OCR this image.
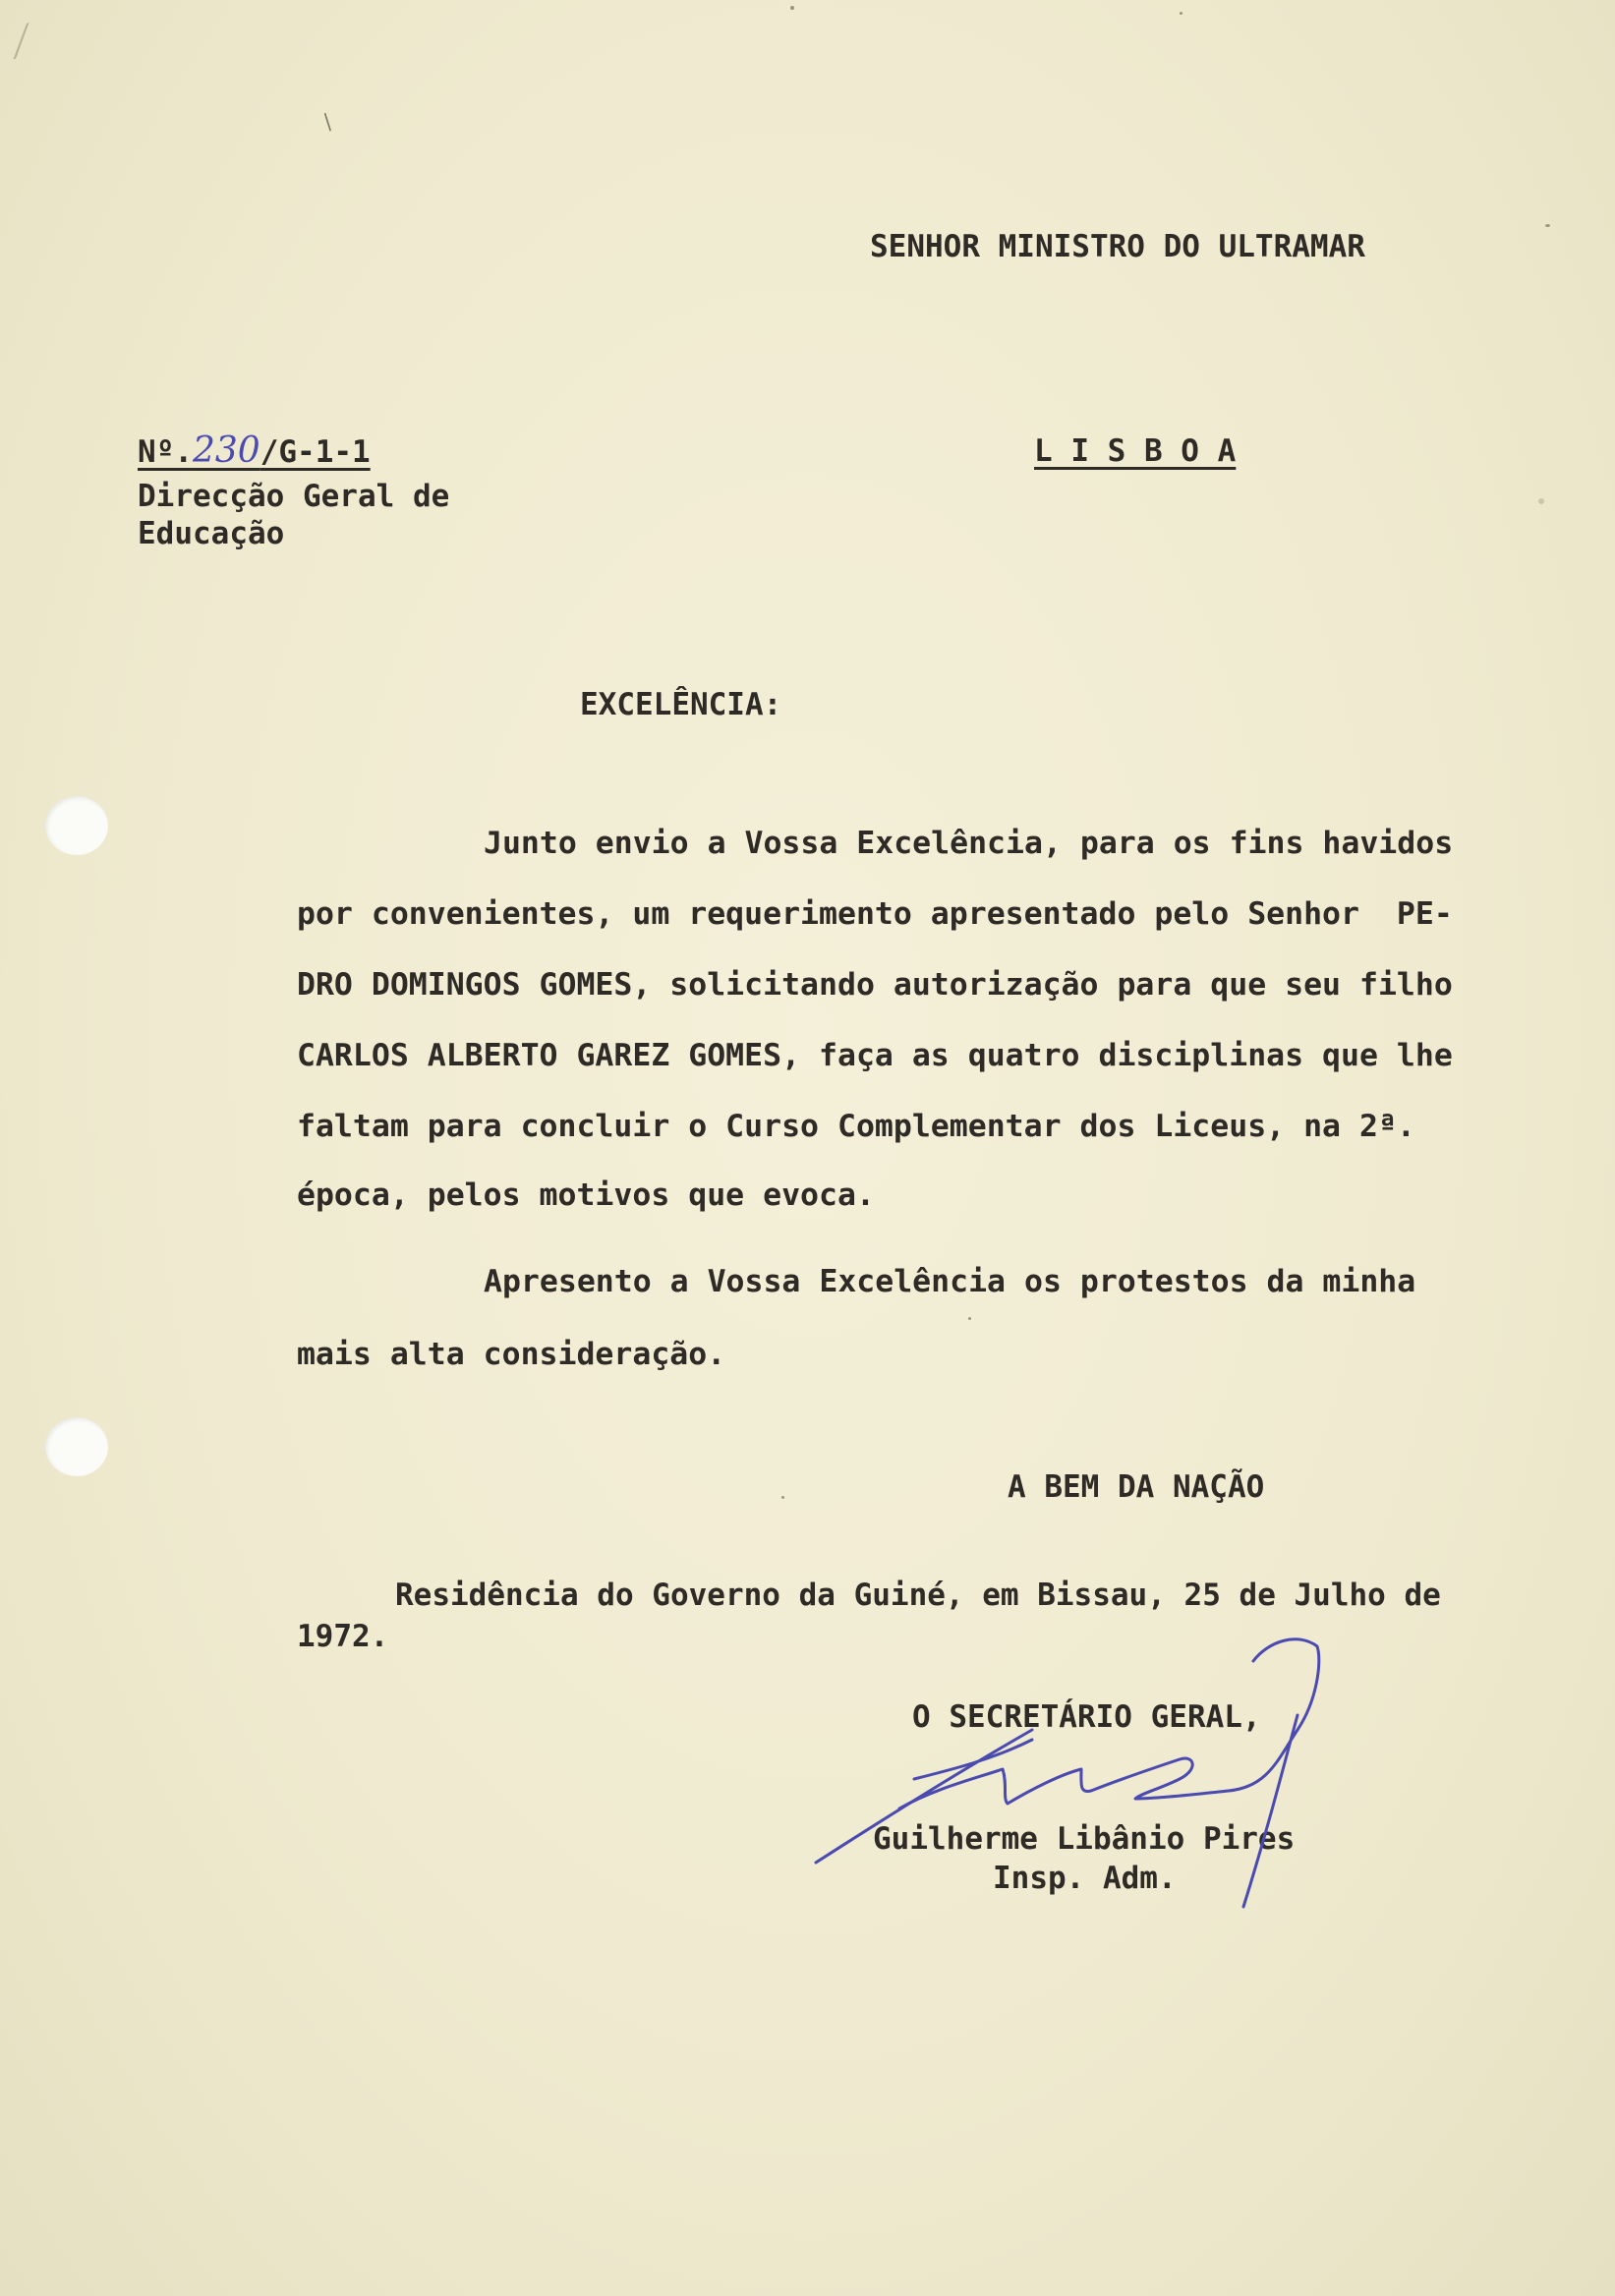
/
⟋
SENHOR MINISTRO DO ULTRAMAR
Nº.230/G-1-1
Direcção Geral de
Educação
L I S B O A
EXCELÊNCIA:
Junto envio a Vossa Excelência, para os fins havidos
por convenientes, um requerimento apresentado pelo Senhor  PE-
DRO DOMINGOS GOMES, solicitando autorização para que seu filho
CARLOS ALBERTO GAREZ GOMES, faça as quatro disciplinas que lhe
faltam para concluir o Curso Complementar dos Liceus, na 2ª.
época, pelos motivos que evoca.
Apresento a Vossa Excelência os protestos da minha
mais alta consideração.
A BEM DA NAÇÃO
Residência do Governo da Guiné, em Bissau, 25 de Julho de
1972.
O SECRETÁRIO GERAL,
Guilherme Libânio Pires
Insp. Adm.
